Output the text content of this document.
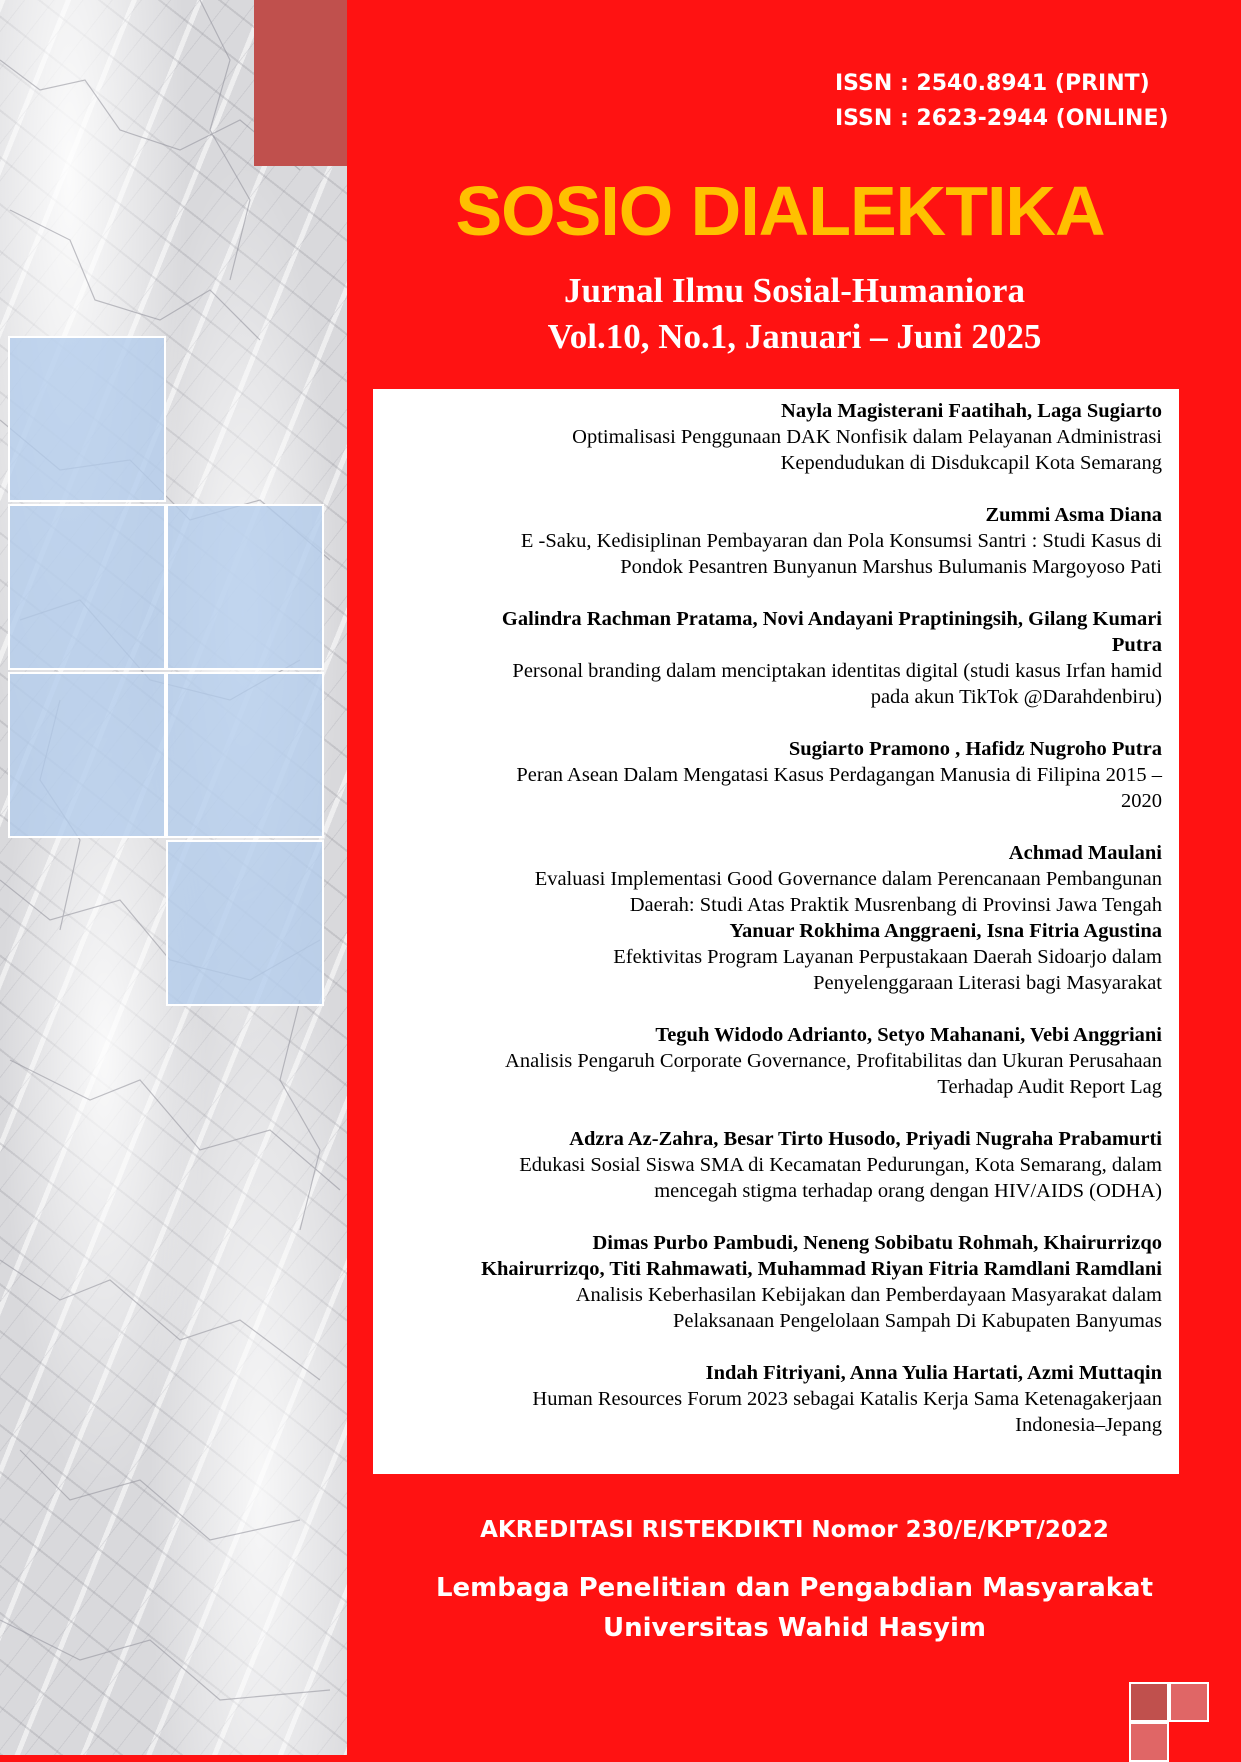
ISSN : 2540.8941 (PRINT)
ISSN : 2623-2944 (ONLINE)
SOSIO DIALEKTIKA
Jurnal Ilmu Sosial-Humaniora
Vol.10, No.1, Januari – Juni 2025
Nayla Magisterani Faatihah, Laga Sugiarto
Optimalisasi Penggunaan DAK Nonfisik dalam Pelayanan Administrasi
Kependudukan di Disdukcapil Kota Semarang
Zummi Asma Diana
E -Saku, Kedisiplinan Pembayaran dan Pola Konsumsi Santri : Studi Kasus di
Pondok Pesantren Bunyanun Marshus Bulumanis Margoyoso Pati
Galindra Rachman Pratama, Novi Andayani Praptiningsih, Gilang Kumari
Putra
Personal branding dalam menciptakan identitas digital (studi kasus Irfan hamid
pada akun TikTok @Darahdenbiru)
Sugiarto Pramono , Hafidz Nugroho Putra
Peran Asean Dalam Mengatasi Kasus Perdagangan Manusia di Filipina 2015 –
2020
Achmad Maulani
Evaluasi Implementasi Good Governance dalam Perencanaan Pembangunan
Daerah: Studi Atas Praktik Musrenbang di Provinsi Jawa Tengah
Yanuar Rokhima Anggraeni, Isna Fitria Agustina
Efektivitas Program Layanan Perpustakaan Daerah Sidoarjo dalam
Penyelenggaraan Literasi bagi Masyarakat
Teguh Widodo Adrianto, Setyo Mahanani, Vebi Anggriani
Analisis Pengaruh Corporate Governance, Profitabilitas dan Ukuran Perusahaan
Terhadap Audit Report Lag
Adzra Az-Zahra, Besar Tirto Husodo, Priyadi Nugraha Prabamurti
Edukasi Sosial Siswa SMA di Kecamatan Pedurungan, Kota Semarang, dalam
mencegah stigma terhadap orang dengan HIV/AIDS (ODHA)
Dimas Purbo Pambudi, Neneng Sobibatu Rohmah, Khairurrizqo
Khairurrizqo, Titi Rahmawati, Muhammad Riyan Fitria Ramdlani Ramdlani
Analisis Keberhasilan Kebijakan dan Pemberdayaan Masyarakat dalam
Pelaksanaan Pengelolaan Sampah Di Kabupaten Banyumas
Indah Fitriyani, Anna Yulia Hartati, Azmi Muttaqin
Human Resources Forum 2023 sebagai Katalis Kerja Sama Ketenagakerjaan
Indonesia–Jepang
AKREDITASI RISTEKDIKTI Nomor 230/E/KPT/2022
Lembaga Penelitian dan Pengabdian Masyarakat
Universitas Wahid Hasyim
